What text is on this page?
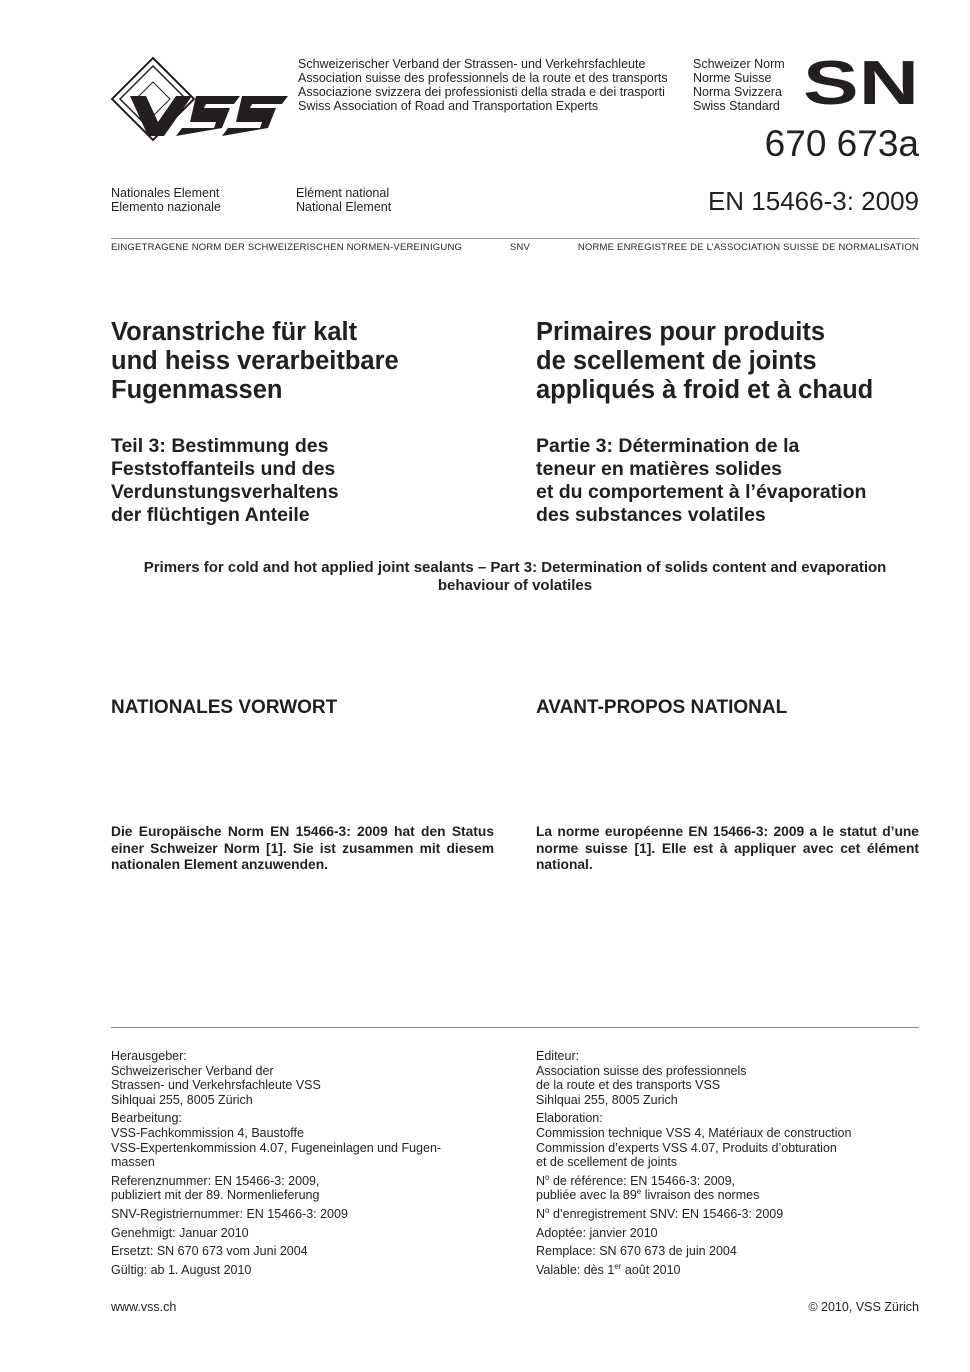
Schweizerischer Verband der Strassen- und Verkehrsfachleute
Association suisse des professionnels de la route et des transports
Associazione svizzera dei professionisti della strada e dei trasporti
Swiss Association of Road and Transportation Experts
Schweizer Norm
Norme Suisse
Norma Svizzera
Swiss Standard SN
670 673a
EN 15466-3: 2009
Nationales Element
Elemento nazionale
Elément national
National Element
EINGETRAGENE NORM DER SCHWEIZERISCHEN NORMEN-VEREINIGUNG	SNV	NORME ENREGISTREE DE L’ASSOCIATION SUISSE DE NORMALISATION
Voranstriche für kalt
und heiss verarbeitbare
Fugenmassen
Primaires pour produits
de scellement de joints
appliqués à froid et à chaud
Teil 3: Bestimmung des
Feststoffanteils und des
Verdunstungsverhaltens
der flüchtigen Anteile
Partie 3: Détermination de la
teneur en matières solides
et du comportement à l’évaporation
des substances volatiles
Primers for cold and hot applied joint sealants – Part 3: Determination of solids content and evaporation
behaviour of volatiles
NATIONALES VORWORT	AVANT-PROPOS NATIONAL
Die Europäische Norm EN 15466-3: 2009 hat den Status einer Schweizer Norm [1]. Sie ist zusammen mit diesem nationalen Element anzuwenden.
La norme européenne EN 15466-3: 2009 a le statut d’une norme suisse [1]. Elle est à appliquer avec cet élément national.
Herausgeber:
Schweizerischer Verband der
Strassen- und Verkehrsfachleute VSS
Sihlquai 255, 8005 Zürich
Bearbeitung:
VSS-Fachkommission 4, Baustoffe
VSS-Expertenkommission 4.07, Fugeneinlagen und Fugen-
massen
Referenznummer: EN 15466-3: 2009,
publiziert mit der 89. Normenlieferung
SNV-Registriernummer: EN 15466-3: 2009
Genehmigt: Januar 2010
Ersetzt: SN 670 673 vom Juni 2004
Gültig: ab 1. August 2010
Editeur:
Association suisse des professionnels
de la route et des transports VSS
Sihlquai 255, 8005 Zurich
Elaboration:
Commission technique VSS 4, Matériaux de construction
Commission d’experts VSS 4.07, Produits d’obturation
et de scellement de joints
$N^o$ de référence: EN 15466-3: 2009,
publiée avec la 89e livraison des normes
$N^o$ d’enregistrement SNV: EN 15466-3: 2009
Adoptée: janvier 2010
Remplace: SN 670 673 de juin 2004
Valable: dès 1er août 2010
www.vss.ch	© 2010, VSS Zürich
